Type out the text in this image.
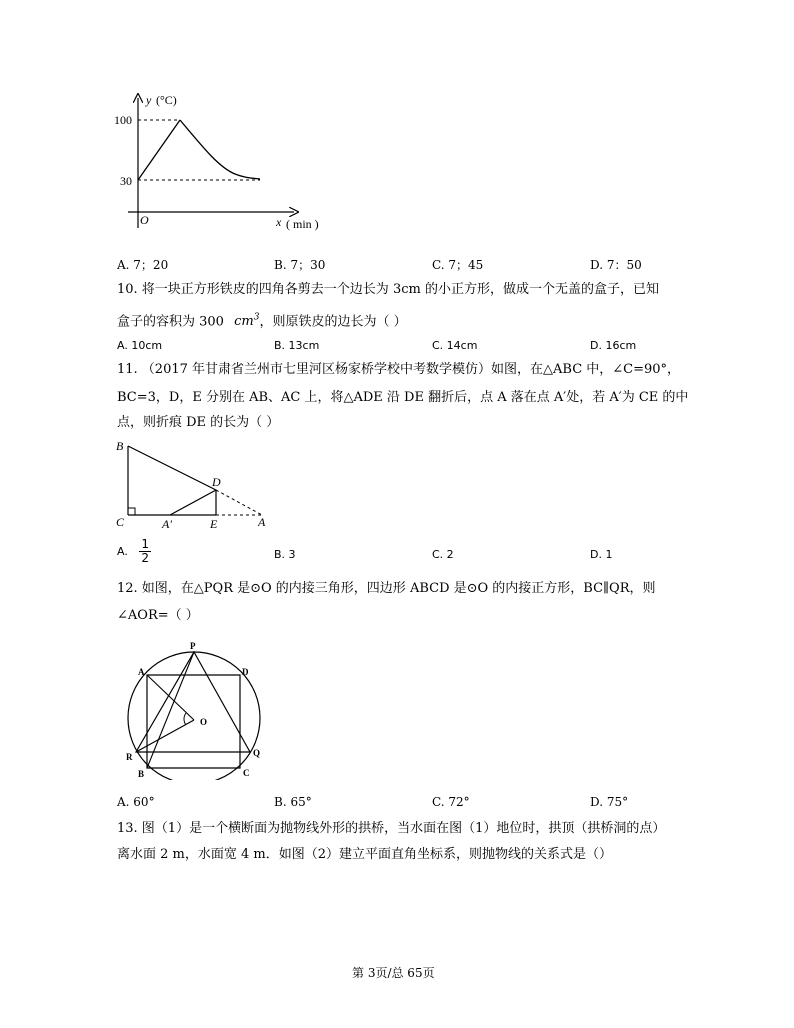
y (°C)
100
30
O	x ( min )
A. 7；20	B. 7；30	C. 7；45	D. 7：50
10. 将一块正方形铁皮的四角各剪去一个边长为 3cm 的小正方形，做成一个无盖的盒子，已知
盒子的容积为 300 $cm^3$，则原铁皮的边长为（ ）
A. 10cm	B. 13cm	C. 14cm	D. 16cm
11. （2017 年甘肃省兰州市七里河区杨家桥学校中考数学模仿）如图，在△ABC 中，∠C=90°，
BC=3，D，E 分别在 AB、AC 上，将△ADE 沿 DE 翻折后，点 A 落在点 A′处，若 A′为 CE 的中
点，则折痕 DE 的长为（ ）
B
C
D
A′	E	A
A. $\frac{1}{2}$	B. 3	C. 2	D. 1
12. 如图，在△PQR 是⊙O 的内接三角形，四边形 ABCD 是⊙O 的内接正方形，BC∥QR，则
∠AOR=（ ）
P
A	D
O
R	Q
B	C
A. 60°	B. 65°	C. 72°	D. 75°
13. 图（1）是一个横断面为抛物线外形的拱桥，当水面在图（1）地位时，拱顶（拱桥洞的点）
离水面 2 m，水面宽 4 m．如图（2）建立平面直角坐标系，则抛物线的关系式是（）
第 3页/总 65页
